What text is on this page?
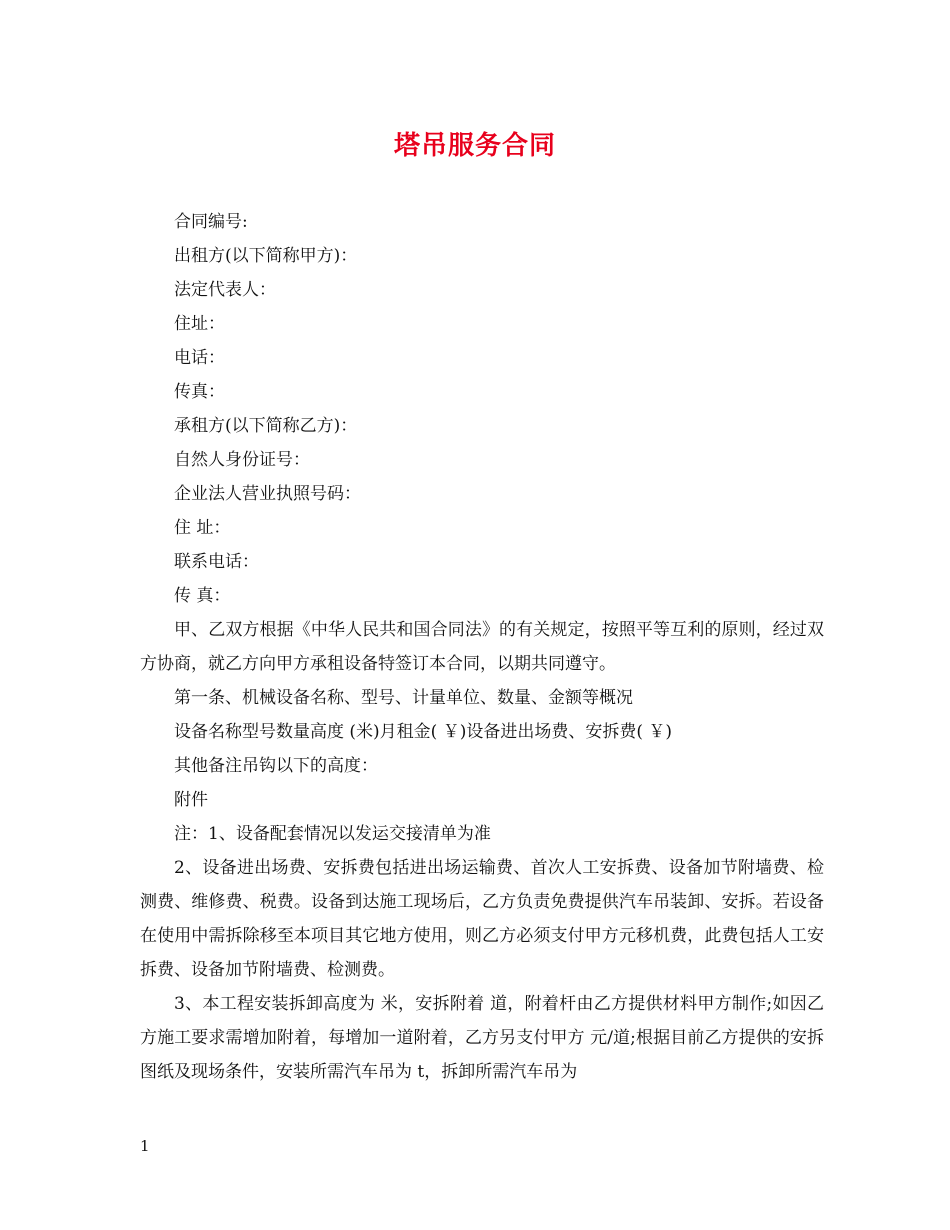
塔吊服务合同

合同编号:

出租方(以下简称甲方)：

法定代表人：

住址：

电话：

传真：

承租方(以下简称乙方)：

自然人身份证号：

企业法人营业执照号码：

住 址：

联系电话：

传 真：

甲、乙双方根据《中华人民共和国合同法》的有关规定，按照平等互利的原则，经过双方协商，就乙方向甲方承租设备特签订本合同，以期共同遵守。

第一条、机械设备名称、型号、计量单位、数量、金额等概况

设备名称型号数量高度 (米)月租金( ￥)设备进出场费、安拆费( ￥)

其他备注吊钩以下的高度：

附件

注：1、设备配套情况以发运交接清单为准

2、设备进出场费、安拆费包括进出场运输费、首次人工安拆费、设备加节附墙费、检测费、维修费、税费。设备到达施工现场后，乙方负责免费提供汽车吊装卸、安拆。若设备在使用中需拆除移至本项目其它地方使用，则乙方必须支付甲方元移机费，此费包括人工安拆费、设备加节附墙费、检测费。

3、本工程安装拆卸高度为 米，安拆附着 道，附着杆由乙方提供材料甲方制作;如因乙方施工要求需增加附着，每增加一道附着，乙方另支付甲方 元/道;根据目前乙方提供的安拆图纸及现场条件，安装所需汽车吊为 t，拆卸所需汽车吊为

1
